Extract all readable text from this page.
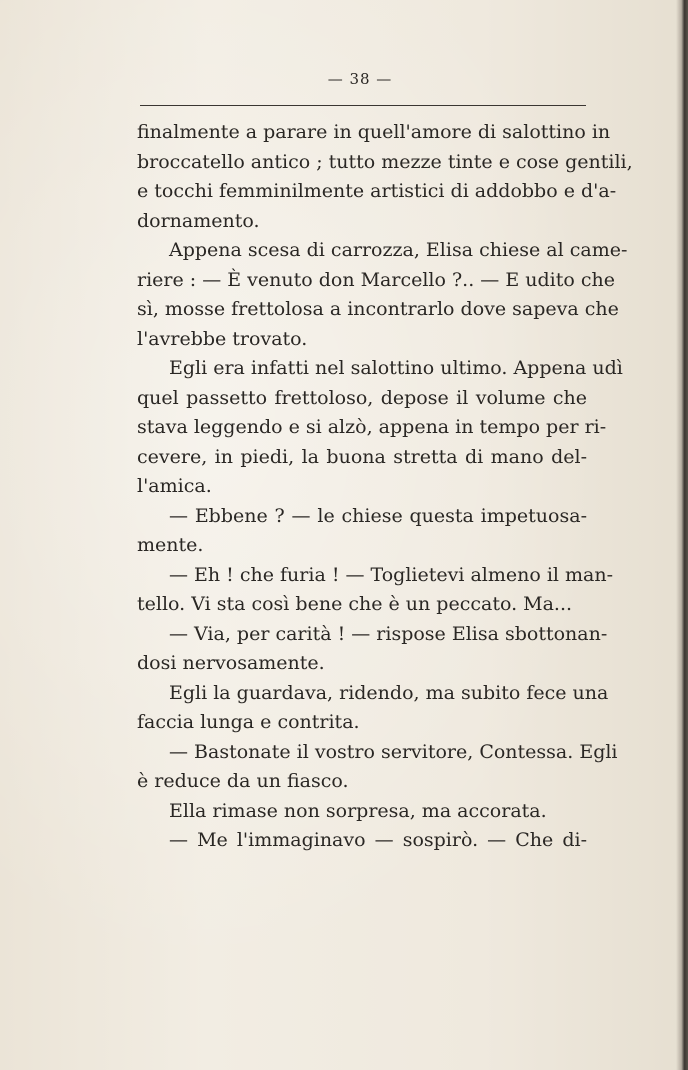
— 38 —
finalmente a parare in quell'amore di salottino in
broccatello antico ; tutto mezze tinte e cose gentili,
e tocchi femminilmente artistici di addobbo e d'a-
dornamento.
Appena scesa di carrozza, Elisa chiese al came-
riere : — È venuto don Marcello ?.. — E udito che
sì, mosse frettolosa a incontrarlo dove sapeva che
l'avrebbe trovato.
Egli era infatti nel salottino ultimo. Appena udì
quel passetto frettoloso, depose il volume che
stava leggendo e si alzò, appena in tempo per ri-
cevere, in piedi, la buona stretta di mano del-
l'amica.
— Ebbene ? — le chiese questa impetuosa-
mente.
— Eh ! che furia ! — Toglietevi almeno il man-
tello. Vi sta così bene che è un peccato. Ma...
— Via, per carità ! — rispose Elisa sbottonan-
dosi nervosamente.
Egli la guardava, ridendo, ma subito fece una
faccia lunga e contrita.
— Bastonate il vostro servitore, Contessa. Egli
è reduce da un fiasco.
Ella rimase non sorpresa, ma accorata.
— Me l'immaginavo — sospirò. — Che di-
